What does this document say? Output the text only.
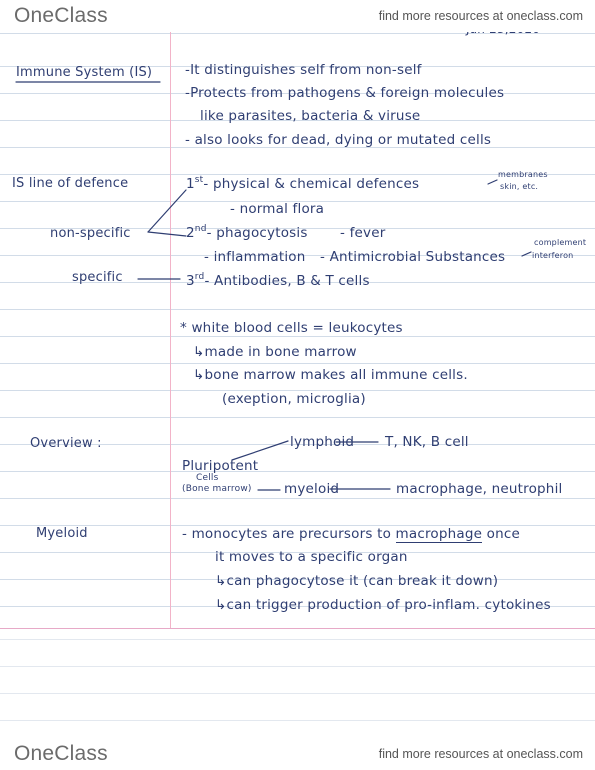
OneClass	find more resources at oneclass.com
Immune System (IS) -It distinguishes self from non-self
-Protects from pathogens & foreign molecules
like parasites, bacteria & viruse
- also looks for dead, dying or mutated cells
IS line of defence
non-specific
specific
1st- physical & chemical defences
membranes
skin, etc.
- normal flora
2nd- phagocytosis - fever
- inflammation - Antimicrobial Substances
complement
interferon
3rd- Antibodies, B & T cells
* white blood cells = leukocytes
↳made in bone marrow
↳bone marrow makes all immune cells.
(exeption, microglia)
Overview :	lymphoid T, NK, B cell
Pluripotent
Cells
(Bone marrow) myeloid	macrophage, neutrophil
Myeloid	- monocytes are precursors to macrophage once
it moves to a specific organ
↳can phagocytose it (can break it down)
↳can trigger production of pro-inflam. cytokines
OneClass	find more resources at oneclass.com
